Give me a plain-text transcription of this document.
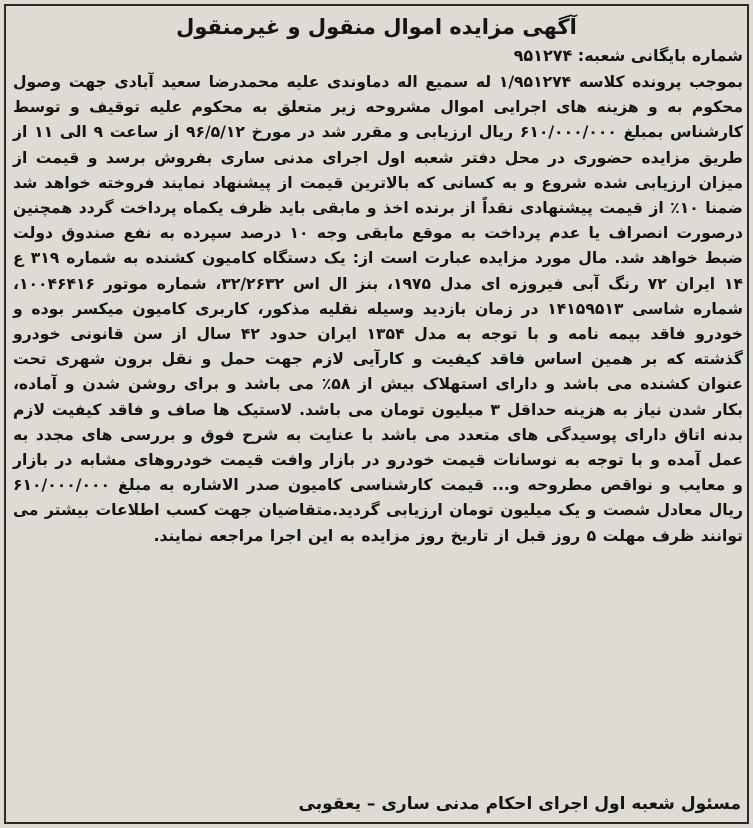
آگهی مزایده اموال منقول و غیرمنقول
شماره بایگانی شعبه: ۹۵۱۲۷۴
بموجب پرونده کلاسه ۱/۹۵۱۲۷۴ له سمیع اله دماوندی علیه محمدرضا سعید آبادی جهت وصول محکوم به و هزینه های اجرایی اموال مشروحه زیر متعلق به محکوم علیه توقیف و توسط کارشناس بمبلغ ۶۱۰/۰۰۰/۰۰۰ ریال ارزیابی و مقرر شد در مورخ ۹۶/۵/۱۲ از ساعت ۹ الی ۱۱ از طریق مزایده حضوری در محل دفتر شعبه اول اجرای مدنی ساری بفروش برسد و قیمت از میزان ارزیابی شده شروع و به کسانی که بالاترین قیمت از پیشنهاد نمایند فروخته خواهد شد ضمنا ۱۰٪ از قیمت پیشنهادی نقداً از برنده اخذ و مابقی باید ظرف یکماه پرداخت گردد همچنین درصورت انصراف یا عدم پرداخت به موقع مابقی وجه ۱۰ درصد سپرده به نفع صندوق دولت ضبط خواهد شد. مال مورد مزایده عبارت است از: یک دستگاه کامیون کشنده به شماره ۳۱۹ ع ۱۴ ایران ۷۲ رنگ آبی فیروزه ای مدل ۱۹۷۵، بنز ال اس ۳۲/۲۶۳۲، شماره موتور ۱۰۰۴۶۴۱۶، شماره شاسی ۱۴۱۵۹۵۱۳ در زمان بازدید وسیله نقلیه مذکور، کاربری کامیون میکسر بوده و خودرو فاقد بیمه نامه و با توجه به مدل ۱۳۵۴ ایران حدود ۴۲ سال از سن قانونی خودرو گذشته که بر همین اساس فاقد کیفیت و کارآیی لازم جهت حمل و نقل برون شهری تحت عنوان کشنده می باشد و دارای استهلاک بیش از ۵۸٪ می باشد و برای روشن شدن و آماده، بکار شدن نیاز به هزینه حداقل ۳ میلیون تومان می باشد. لاستیک ها صاف و فاقد کیفیت لازم بدنه اتاق دارای پوسیدگی های متعدد می باشد با عنایت به شرح فوق و بررسی های مجدد به عمل آمده و با توجه به نوسانات قیمت خودرو در بازار وافت قیمت خودروهای مشابه در بازار و معایب و نواقص مطروحه و... قیمت کارشناسی کامیون صدر الاشاره به مبلغ ۶۱۰/۰۰۰/۰۰۰ ریال معادل شصت و یک میلیون تومان ارزیابی گردید.متقاضیان جهت کسب اطلاعات بیشتر می توانند ظرف مهلت ۵ روز قبل از تاریخ روز مزایده به این اجرا مراجعه نمایند.
مسئول شعبه اول اجرای احکام مدنی ساری – یعقوبی
